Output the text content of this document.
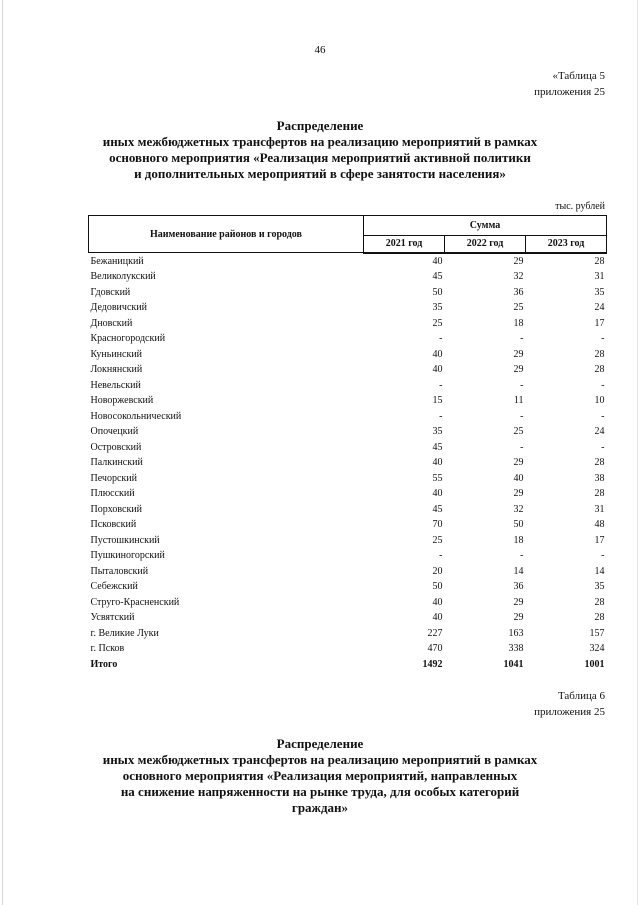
46
«Таблица 5
приложения 25
Распределение
иных межбюджетных трансфертов на реализацию мероприятий в рамках
основного мероприятия «Реализация мероприятий активной политики
и дополнительных мероприятий в сфере занятости населения»
тыс. рублей
Наименование районов и городов	Сумма		
	2021 год	2022 год	2023 год
Бежаницкий	40	29	28
Великолукский	45	32	31
Гдовский	50	36	35
Дедовичский	35	25	24
Дновский	25	18	17
Красногородский	-	-	-
Куньинский	40	29	28
Локнянский	40	29	28
Невельский	-	-	-
Новоржевский	15	11	10
Новосокольнический	-	-	-
Опочецкий	35	25	24
Островский	45	-	-
Палкинский	40	29	28
Печорский	55	40	38
Плюсский	40	29	28
Порховский	45	32	31
Псковский	70	50	48
Пустошкинский	25	18	17
Пушкиногорский	-	-	-
Пыталовский	20	14	14
Себежский	50	36	35
Струго-Красненский	40	29	28
Усвятский	40	29	28
г. Великие Луки	227	163	157
г. Псков	470	338	324
Итого	1492	1041	1001
Таблица 6
приложения 25
Распределение
иных межбюджетных трансфертов на реализацию мероприятий в рамках
основного мероприятия «Реализация мероприятий, направленных
на снижение напряженности на рынке труда, для особых категорий
граждан»
